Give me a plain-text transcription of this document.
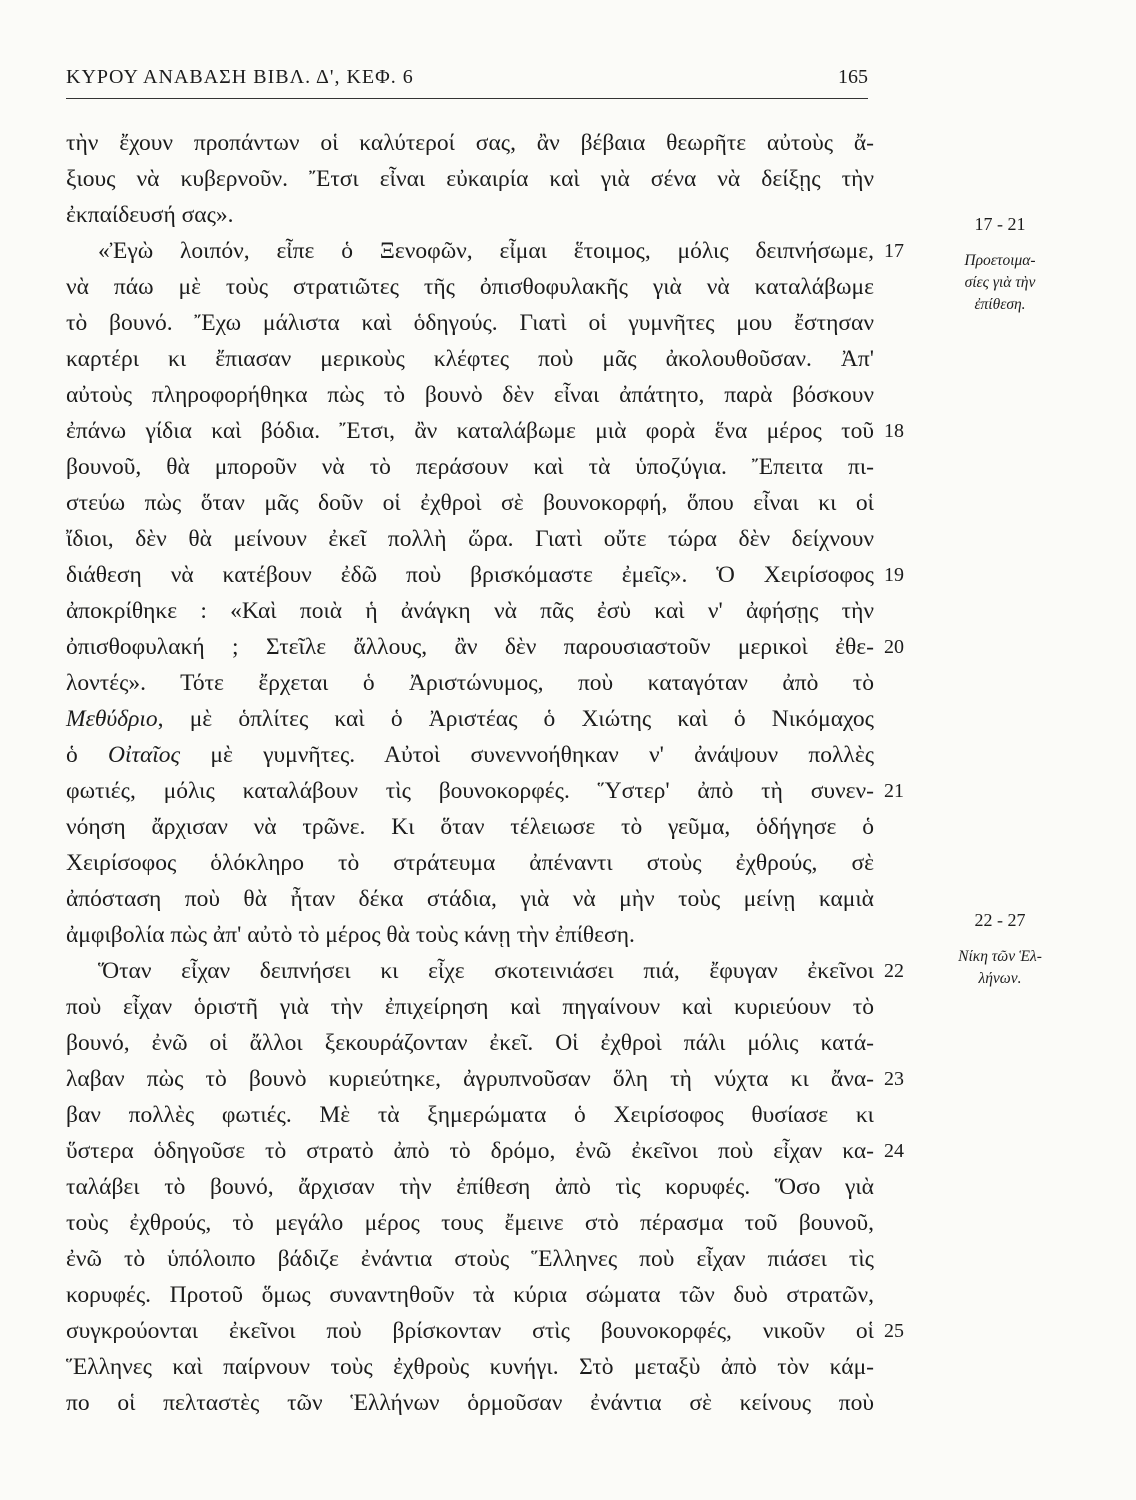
ΚΥΡΟΥ ΑΝΑΒΑΣΗ ΒΙΒΛ. Δ', ΚΕΦ. 6	165
τὴν ἔχουν προπάντων οἱ καλύτεροί σας, ἂν βέβαια θεωρῆτε αὐτοὺς ἄ-
ξιους νὰ κυβερνοῦν. Ἔτσι εἶναι εὐκαιρία καὶ γιὰ σένα νὰ δείξῃς τὴν
ἐκπαίδευσή σας».
«Ἐγὼ λοιπόν, εἶπε ὁ Ξενοφῶν, εἶμαι ἕτοιμος, μόλις δειπνήσωμε,
νὰ πάω μὲ τοὺς στρατιῶτες τῆς ὀπισθοφυλακῆς γιὰ νὰ καταλάβωμε
τὸ βουνό. Ἔχω μάλιστα καὶ ὁδηγούς. Γιατὶ οἱ γυμνῆτες μου ἔστησαν
καρτέρι κι ἔπιασαν μερικοὺς κλέφτες ποὺ μᾶς ἀκολουθοῦσαν. Ἀπ'
αὐτοὺς πληροφορήθηκα πὼς τὸ βουνὸ δὲν εἶναι ἀπάτητο, παρὰ βόσκουν
ἐπάνω γίδια καὶ βόδια. Ἔτσι, ἂν καταλάβωμε μιὰ φορὰ ἕνα μέρος τοῦ
βουνοῦ, θὰ μποροῦν νὰ τὸ περάσουν καὶ τὰ ὑποζύγια. Ἔπειτα πι-
στεύω πὼς ὅταν μᾶς δοῦν οἱ ἐχθροὶ σὲ βουνοκορφή, ὅπου εἶναι κι οἱ
ἴδιοι, δὲν θὰ μείνουν ἐκεῖ πολλὴ ὥρα. Γιατὶ οὔτε τώρα δὲν δείχνουν
διάθεση νὰ κατέβουν ἐδῶ ποὺ βρισκόμαστε ἐμεῖς». Ὁ Χειρίσοφος
ἀποκρίθηκε : «Καὶ ποιὰ ἡ ἀνάγκη νὰ πᾶς ἐσὺ καὶ ν' ἀφήσῃς τὴν
ὀπισθοφυλακή ; Στεῖλε ἄλλους, ἂν δὲν παρουσιαστοῦν μερικοὶ ἐθε-
λοντές». Τότε ἔρχεται ὁ Ἀριστώνυμος, ποὺ καταγόταν ἀπὸ τὸ
Μεθύδριο, μὲ ὁπλίτες καὶ ὁ Ἀριστέας ὁ Χιώτης καὶ ὁ Νικόμαχος
ὁ Οἰταῖος μὲ γυμνῆτες. Αὐτοὶ συνεννοήθηκαν ν' ἀνάψουν πολλὲς
φωτιές, μόλις καταλάβουν τὶς βουνοκορφές. Ὕστερ' ἀπὸ τὴ συνεν-
νόηση ἄρχισαν νὰ τρῶνε. Κι ὅταν τέλειωσε τὸ γεῦμα, ὁδήγησε ὁ
Χειρίσοφος ὁλόκληρο τὸ στράτευμα ἀπέναντι στοὺς ἐχθρούς, σὲ
ἀπόσταση ποὺ θὰ ἦταν δέκα στάδια, γιὰ νὰ μὴν τοὺς μείνῃ καμιὰ
ἀμφιβολία πὼς ἀπ' αὐτὸ τὸ μέρος θὰ τοὺς κάνῃ τὴν ἐπίθεση.
Ὅταν εἶχαν δειπνήσει κι εἶχε σκοτεινιάσει πιά, ἔφυγαν ἐκεῖνοι
ποὺ εἶχαν ὁριστῆ γιὰ τὴν ἐπιχείρηση καὶ πηγαίνουν καὶ κυριεύουν τὸ
βουνό, ἐνῶ οἱ ἄλλοι ξεκουράζονταν ἐκεῖ. Οἱ ἐχθροὶ πάλι μόλις κατά-
λαβαν πὼς τὸ βουνὸ κυριεύτηκε, ἀγρυπνοῦσαν ὅλη τὴ νύχτα κι ἄνα-
βαν πολλὲς φωτιές. Μὲ τὰ ξημερώματα ὁ Χειρίσοφος θυσίασε κι
ὕστερα ὁδηγοῦσε τὸ στρατὸ ἀπὸ τὸ δρόμο, ἐνῶ ἐκεῖνοι ποὺ εἶχαν κα-
ταλάβει τὸ βουνό, ἄρχισαν τὴν ἐπίθεση ἀπὸ τὶς κορυφές. Ὅσο γιὰ
τοὺς ἐχθρούς, τὸ μεγάλο μέρος τους ἔμεινε στὸ πέρασμα τοῦ βουνοῦ,
ἐνῶ τὸ ὑπόλοιπο βάδιζε ἐνάντια στοὺς Ἕλληνες ποὺ εἶχαν πιάσει τὶς
κορυφές. Προτοῦ ὅμως συναντηθοῦν τὰ κύρια σώματα τῶν δυὸ στρατῶν,
συγκρούονται ἐκεῖνοι ποὺ βρίσκονταν στὶς βουνοκορφές, νικοῦν οἱ
Ἕλληνες καὶ παίρνουν τοὺς ἐχθροὺς κυνήγι. Στὸ μεταξὺ ἀπὸ τὸν κάμ-
πο οἱ πελταστὲς τῶν Ἑλλήνων ὁρμοῦσαν ἐνάντια σὲ κείνους ποὺ
17
18
19
20
21
22
23
24
25
17 - 21
Προετοιμα-
σίες γιὰ τὴν
ἐπίθεση.
22 - 27
Νίκη τῶν Ἑλ-
λήνων.
